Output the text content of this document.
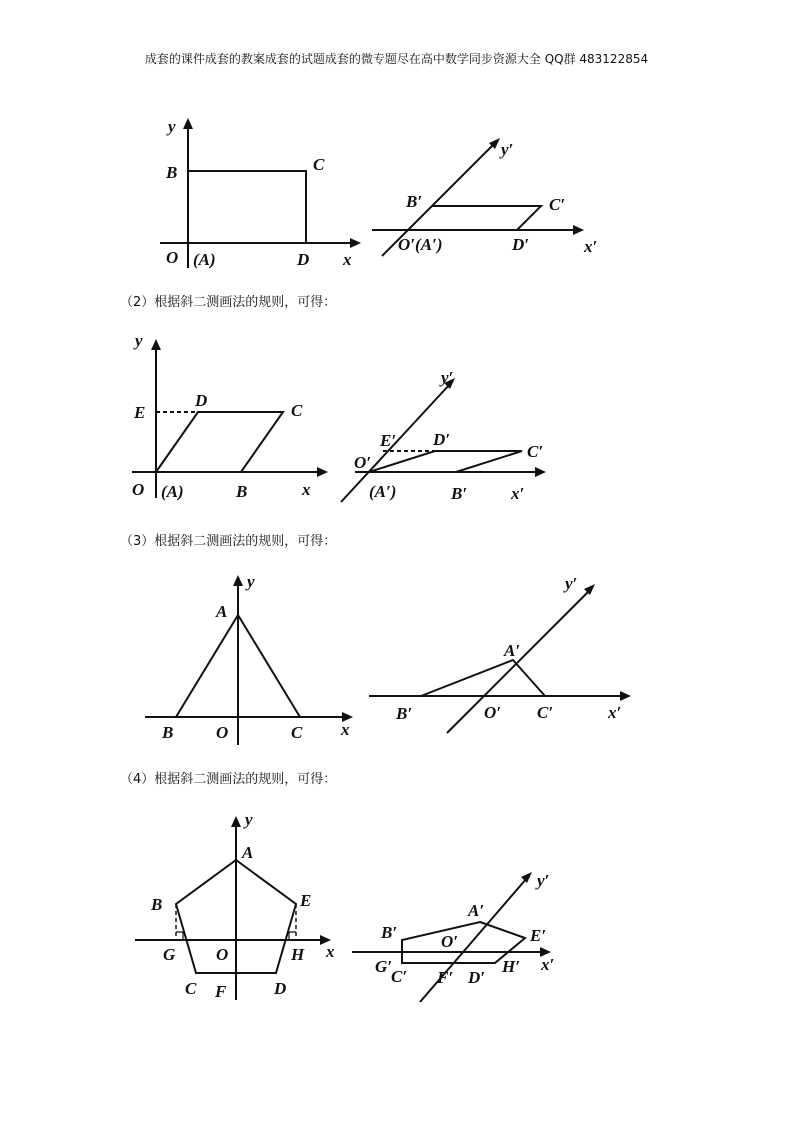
成套的课件成套的教案成套的试题成套的微专题尽在高中数学同步资源大全 QQ群 483122854
（2）根据斜二测画法的规则，可得：
（3）根据斜二测画法的规则，可得：
（4）根据斜二测画法的规则，可得：
y
B	C
O (A)	D x
y′
B′	C′
O′(A′)	D′	x′
y
E
D
C
O (A)	B	x
y′
E′ D′
C′
O′
(A′)	B′	x′
y
A
B	O	C x
y′
A′
B′	O′ C′	x′
y
A
B	E
G O	H x
C F	D
y′
A′
B′	O′	E′
G′
C′ F′ D′
H′ x′
